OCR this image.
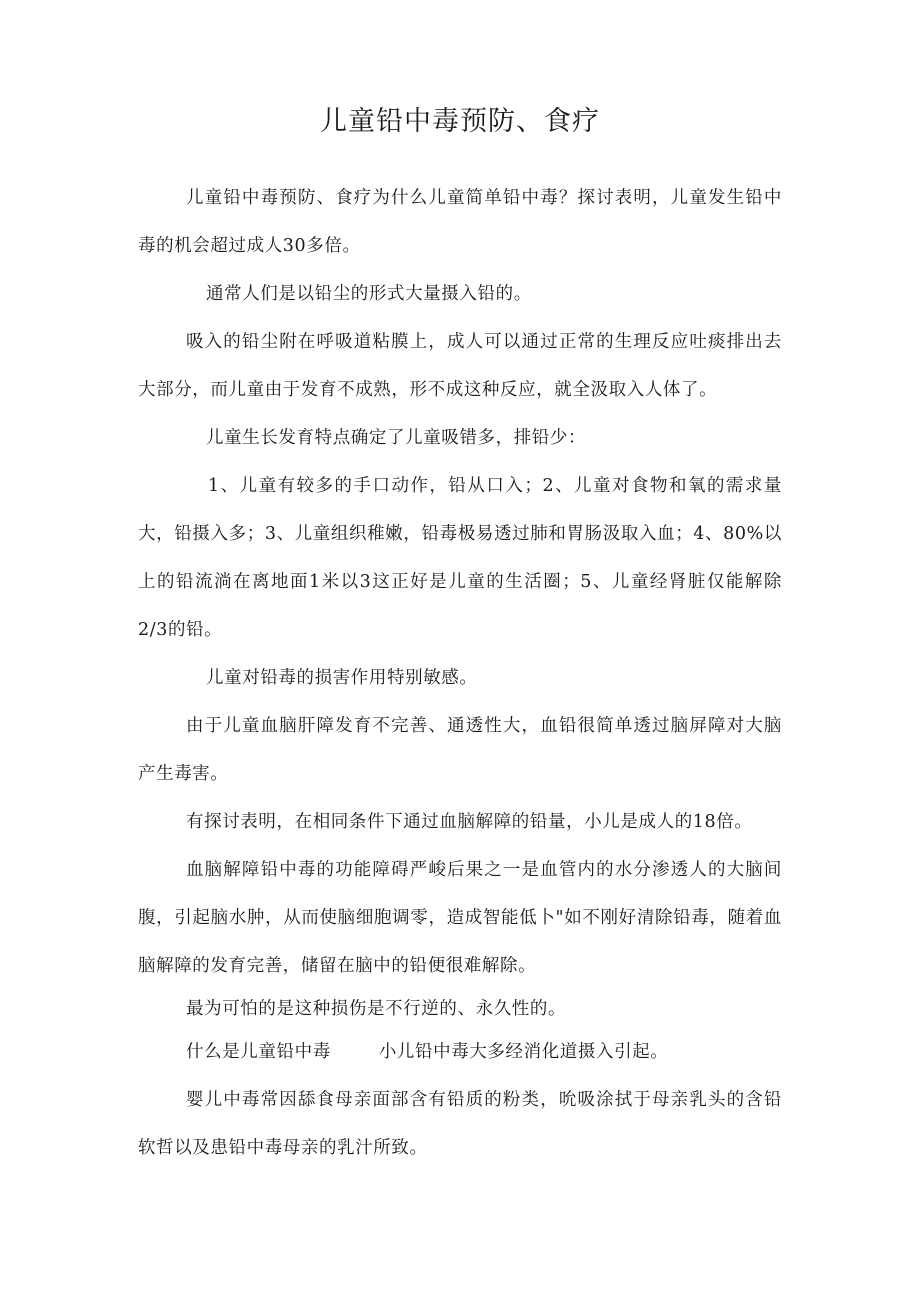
儿童铅中毒预防、食疗

儿童铅中毒预防、食疗为什么儿童简单铅中毒？探讨表明，儿童发生铅中毒的机会超过成人30多倍。

通常人们是以铅尘的形式大量摄入铅的。

吸入的铅尘附在呼吸道粘膜上，成人可以通过正常的生理反应吐痰排出去大部分，而儿童由于发育不成熟，形不成这种反应，就全汲取入人体了。

儿童生长发育特点确定了儿童吸错多，排铅少：

1、儿童有较多的手口动作，铅从口入；2、儿童对食物和氧的需求量大，铅摄入多；3、儿童组织稚嫩，铅毒极易透过肺和胃肠汲取入血；4、80%以上的铅流淌在离地面1米以3这正好是儿童的生活圈；5、儿童经肾脏仅能解除2/3的铅。

儿童对铅毒的损害作用特别敏感。

由于儿童血脑肝障发育不完善、通透性大，血铅很简单透过脑屏障对大脑产生毒害。

有探讨表明，在相同条件下通过血脑解障的铅量，小儿是成人的18倍。

血脑解障铅中毒的功能障碍严峻后果之一是血管内的水分渗透人的大脑间腹，引起脑水肿，从而使脑细胞调零，造成智能低卜"如不刚好清除铅毒，随着血脑解障的发育完善，储留在脑中的铅便很难解除。

最为可怕的是这种损伤是不行逆的、永久性的。

什么是儿童铅中毒	小儿铅中毒大多经消化道摄入引起。

婴儿中毒常因舔食母亲面部含有铅质的粉类，吮吸涂拭于母亲乳头的含铅软哲以及患铅中毒母亲的乳汁所致。
